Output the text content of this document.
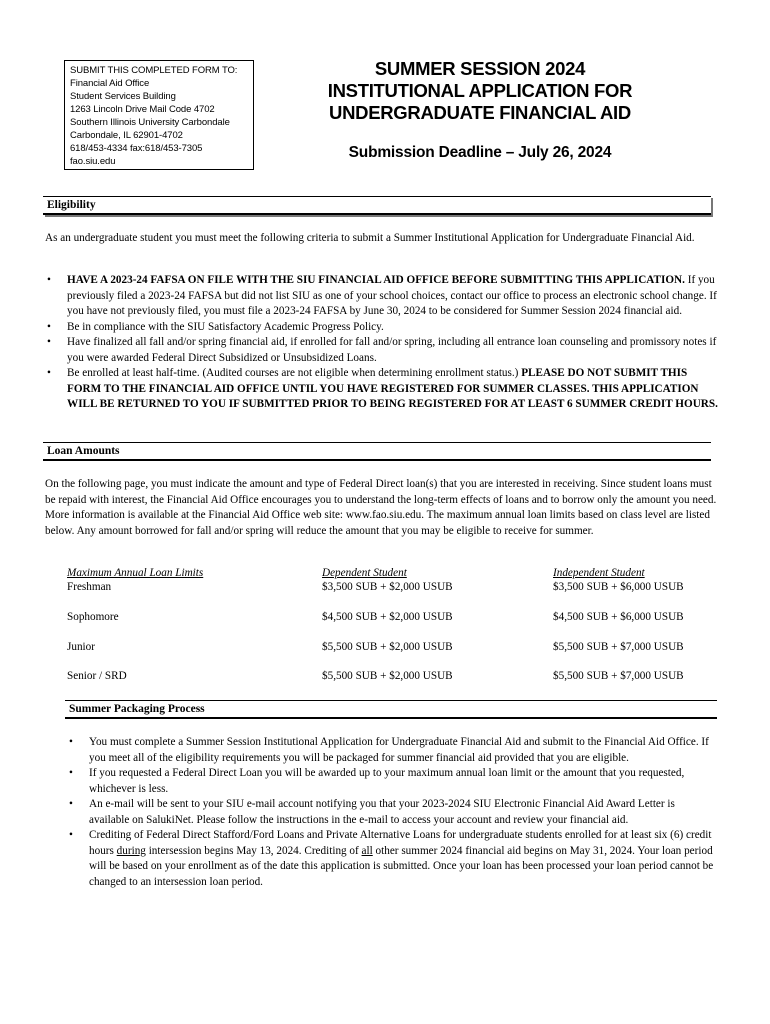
SUBMIT THIS COMPLETED FORM TO:
Financial Aid Office
Student Services Building
1263 Lincoln Drive Mail Code 4702
Southern Illinois University Carbondale
Carbondale, IL 62901-4702
618/453-4334 fax:618/453-7305
fao.siu.edu
SUMMER SESSION 2024
INSTITUTIONAL APPLICATION FOR
UNDERGRADUATE FINANCIAL AID
Submission Deadline – July 26, 2024
Eligibility
As an undergraduate student you must meet the following criteria to submit a Summer Institutional Application for Undergraduate Financial Aid.
• HAVE A 2023-24 FAFSA ON FILE WITH THE SIU FINANCIAL AID OFFICE BEFORE SUBMITTING THIS APPLICATION. If you previously filed a 2023-24 FAFSA but did not list SIU as one of your school choices, contact our office to process an electronic school change. If you have not previously filed, you must file a 2023-24 FAFSA by June 30, 2024 to be considered for Summer Session 2024 financial aid.
• Be in compliance with the SIU Satisfactory Academic Progress Policy.
• Have finalized all fall and/or spring financial aid, if enrolled for fall and/or spring, including all entrance loan counseling and promissory notes if you were awarded Federal Direct Subsidized or Unsubsidized Loans.
• Be enrolled at least half-time. (Audited courses are not eligible when determining enrollment status.) PLEASE DO NOT SUBMIT THIS FORM TO THE FINANCIAL AID OFFICE UNTIL YOU HAVE REGISTERED FOR SUMMER CLASSES. THIS APPLICATION WILL BE RETURNED TO YOU IF SUBMITTED PRIOR TO BEING REGISTERED FOR AT LEAST 6 SUMMER CREDIT HOURS.
Loan Amounts
On the following page, you must indicate the amount and type of Federal Direct loan(s) that you are interested in receiving. Since student loans must be repaid with interest, the Financial Aid Office encourages you to understand the long-term effects of loans and to borrow only the amount you need. More information is available at the Financial Aid Office web site: www.fao.siu.edu. The maximum annual loan limits based on class level are listed below. Any amount borrowed for fall and/or spring will reduce the amount that you may be eligible to receive for summer.
Maximum Annual Loan Limits	Dependent Student	Independent Student
Freshman	$3,500 SUB + $2,000 USUB	$3,500 SUB + $6,000 USUB
Sophomore	$4,500 SUB + $2,000 USUB	$4,500 SUB + $6,000 USUB
Junior	$5,500 SUB + $2,000 USUB	$5,500 SUB + $7,000 USUB
Senior / SRD	$5,500 SUB + $2,000 USUB	$5,500 SUB + $7,000 USUB
Summer Packaging Process
• You must complete a Summer Session Institutional Application for Undergraduate Financial Aid and submit to the Financial Aid Office. If you meet all of the eligibility requirements you will be packaged for summer financial aid provided that you are eligible.
• If you requested a Federal Direct Loan you will be awarded up to your maximum annual loan limit or the amount that you requested, whichever is less.
• An e-mail will be sent to your SIU e-mail account notifying you that your 2023-2024 SIU Electronic Financial Aid Award Letter is available on SalukiNet. Please follow the instructions in the e-mail to access your account and review your financial aid.
• Crediting of Federal Direct Stafford/Ford Loans and Private Alternative Loans for undergraduate students enrolled for at least six (6) credit hours during intersession begins May 13, 2024. Crediting of all other summer 2024 financial aid begins on May 31, 2024. Your loan period will be based on your enrollment as of the date this application is submitted. Once your loan has been processed your loan period cannot be changed to an intersession loan period.
